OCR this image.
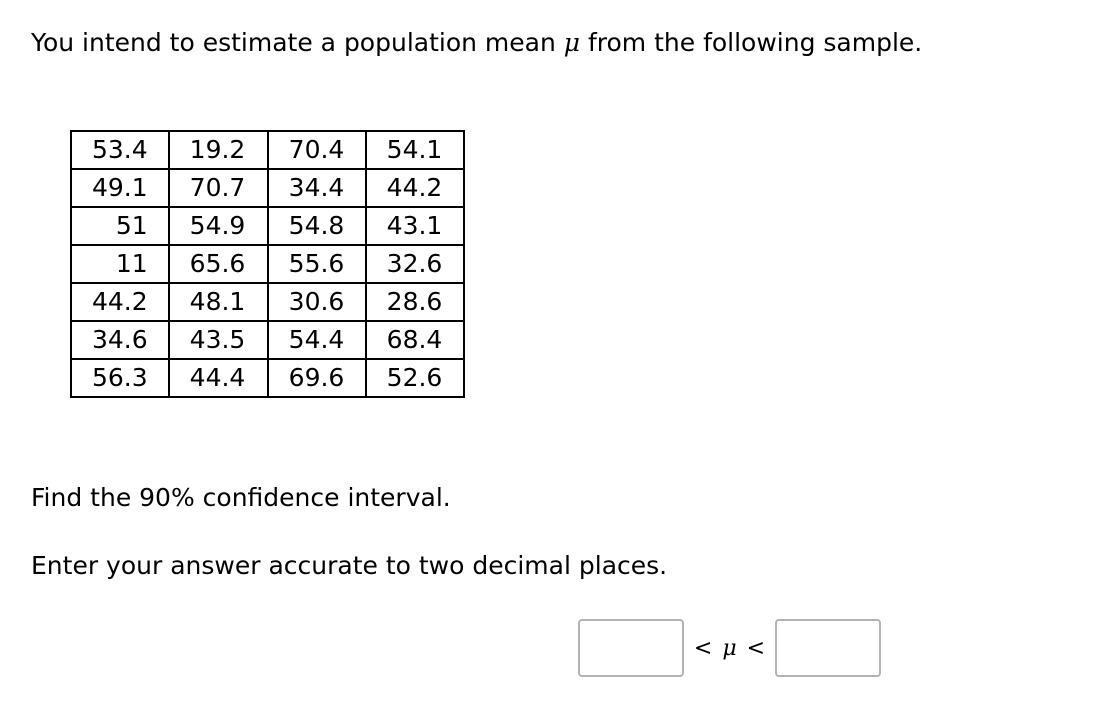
You intend to estimate a population mean μ from the following sample.
53.4	19.2	70.4	54.1
49.1	70.7	34.4	44.2
51	54.9	54.8	43.1
11	65.6	55.6	32.6
44.2	48.1	30.6	28.6
34.6	43.5	54.4	68.4
56.3	44.4	69.6	52.6
Find the 90% confidence interval.
Enter your answer accurate to two decimal places.
< μ <
